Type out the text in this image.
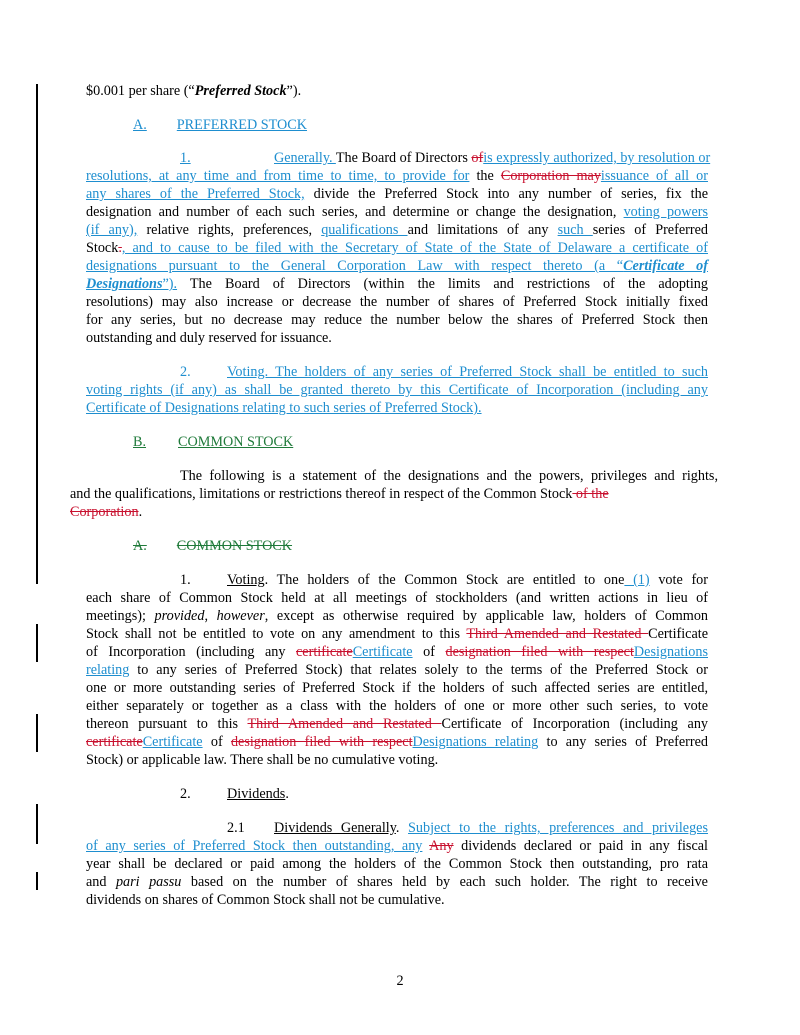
$0.001 per share (“Preferred Stock”).
A. PREFERRED STOCK
1.	Generally. The Board of Directors ofis expressly authorized, by resolution or
resolutions, at any time and from time to time, to provide for the Corporation mayissuance of all or
any shares of the Preferred Stock, divide the Preferred Stock into any number of series, fix the
designation and number of each such series, and determine or change the designation, voting powers
(if any), relative rights, preferences, qualifications and limitations of any such series of Preferred
Stock., and to cause to be filed with the Secretary of State of the State of Delaware a certificate of
designations pursuant to the General Corporation Law with respect thereto (a “Certificate of
Designations”). The Board of Directors (within the limits and restrictions of the adopting
resolutions) may also increase or decrease the number of shares of Preferred Stock initially fixed
for any series, but no decrease may reduce the number below the shares of Preferred Stock then
outstanding and duly reserved for issuance.
2.	Voting. The holders of any series of Preferred Stock shall be entitled to such
voting rights (if any) as shall be granted thereto by this Certificate of Incorporation (including any
Certificate of Designations relating to such series of Preferred Stock).
B. COMMON STOCK
The following is a statement of the designations and the powers, privileges and rights,
and the qualifications, limitations or restrictions thereof in respect of the Common Stock of the
Corporation.
A. COMMON STOCK
1.	Voting. The holders of the Common Stock are entitled to one (1) vote for
each share of Common Stock held at all meetings of stockholders (and written actions in lieu of
meetings); provided, however, except as otherwise required by applicable law, holders of Common
Stock shall not be entitled to vote on any amendment to this Third Amended and Restated Certificate
of Incorporation (including any certificateCertificate of designation filed with respectDesignations
relating to any series of Preferred Stock) that relates solely to the terms of the Preferred Stock or
one or more outstanding series of Preferred Stock if the holders of such affected series are entitled,
either separately or together as a class with the holders of one or more other such series, to vote
thereon pursuant to this Third Amended and Restated Certificate of Incorporation (including any
certificateCertificate of designation filed with respectDesignations relating to any series of Preferred
Stock) or applicable law. There shall be no cumulative voting.
2.	Dividends.
2.1 Dividends Generally. Subject to the rights, preferences and privileges
of any series of Preferred Stock then outstanding, any Any dividends declared or paid in any fiscal
year shall be declared or paid among the holders of the Common Stock then outstanding, pro rata
and pari passu based on the number of shares held by each such holder. The right to receive
dividends on shares of Common Stock shall not be cumulative.
2
